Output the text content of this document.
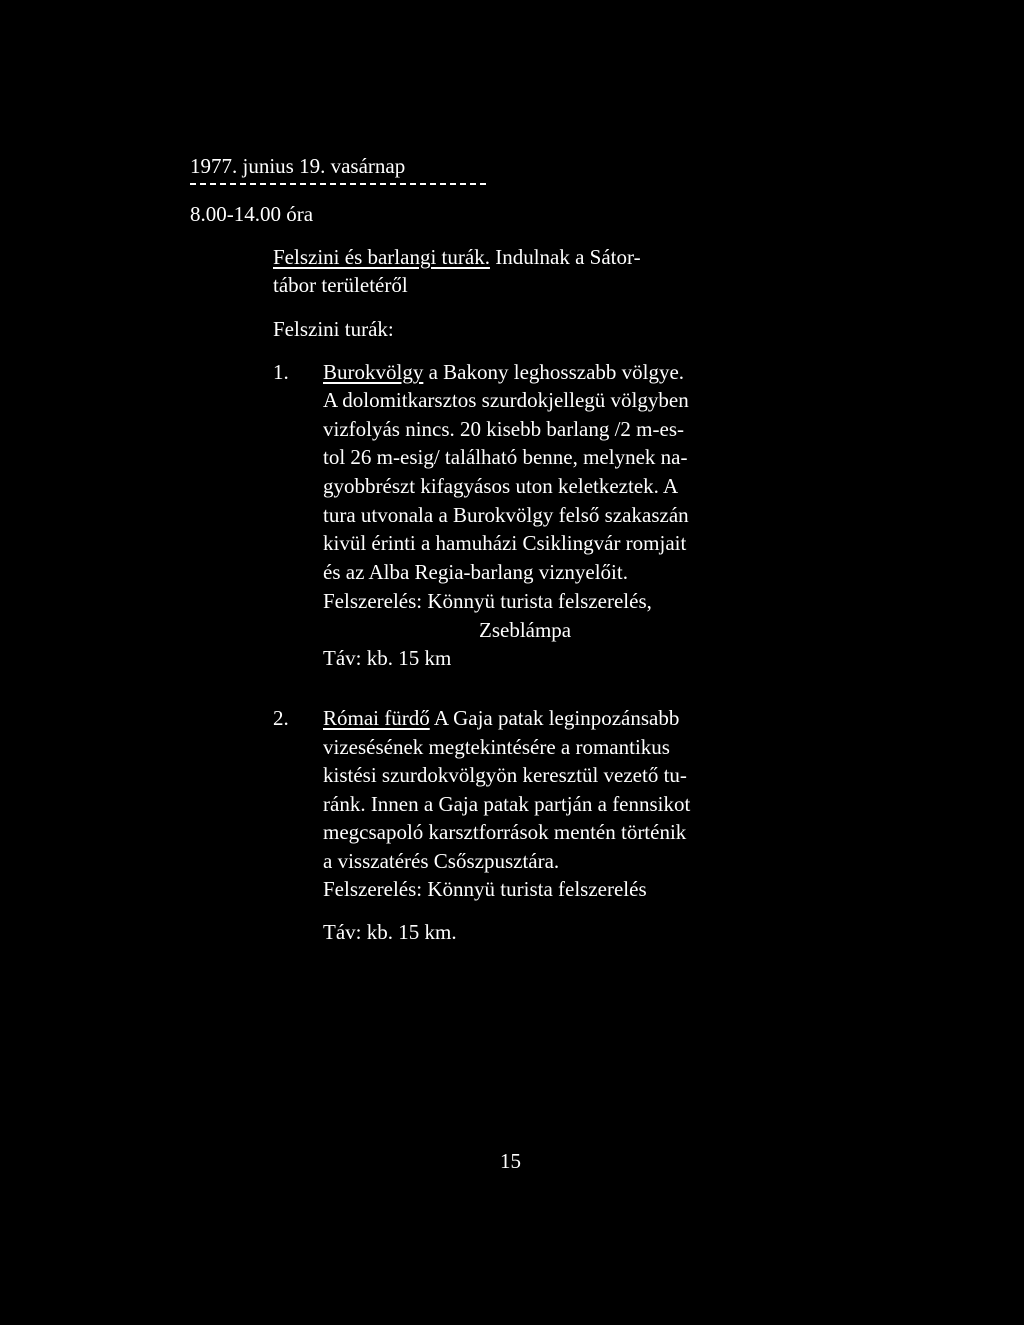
1977. junius 19. vasárnap
8.00-14.00 óra
Felszini és barlangi turák. Indulnak a Sátor-
tábor területéről
Felszini turák:
1. Burokvölgy a Bakony leghosszabb völgye.
A dolomitkarsztos szurdokjellegü völgyben
vizfolyás nincs. 20 kisebb barlang /2 m-es-
tol 26 m-esig/ található benne, melynek na-
gyobbrészt kifagyásos uton keletkeztek. A
tura utvonala a Burokvölgy felső szakaszán
kivül érinti a hamuházi Csiklingvár romjait
és az Alba Regia-barlang viznyelőit.
Felszerelés: Könnyü turista felszerelés,
Zseblámpa
Táv: kb. 15 km
2. Római fürdő A Gaja patak leginpozánsabb
vizesésének megtekintésére a romantikus
kistési szurdokvölgyön keresztül vezető tu-
ránk. Innen a Gaja patak partján a fennsikot
megcsapoló karsztforrások mentén történik
a visszatérés Csőszpusztára.
Felszerelés: Könnyü turista felszerelés
Táv: kb. 15 km.
15
